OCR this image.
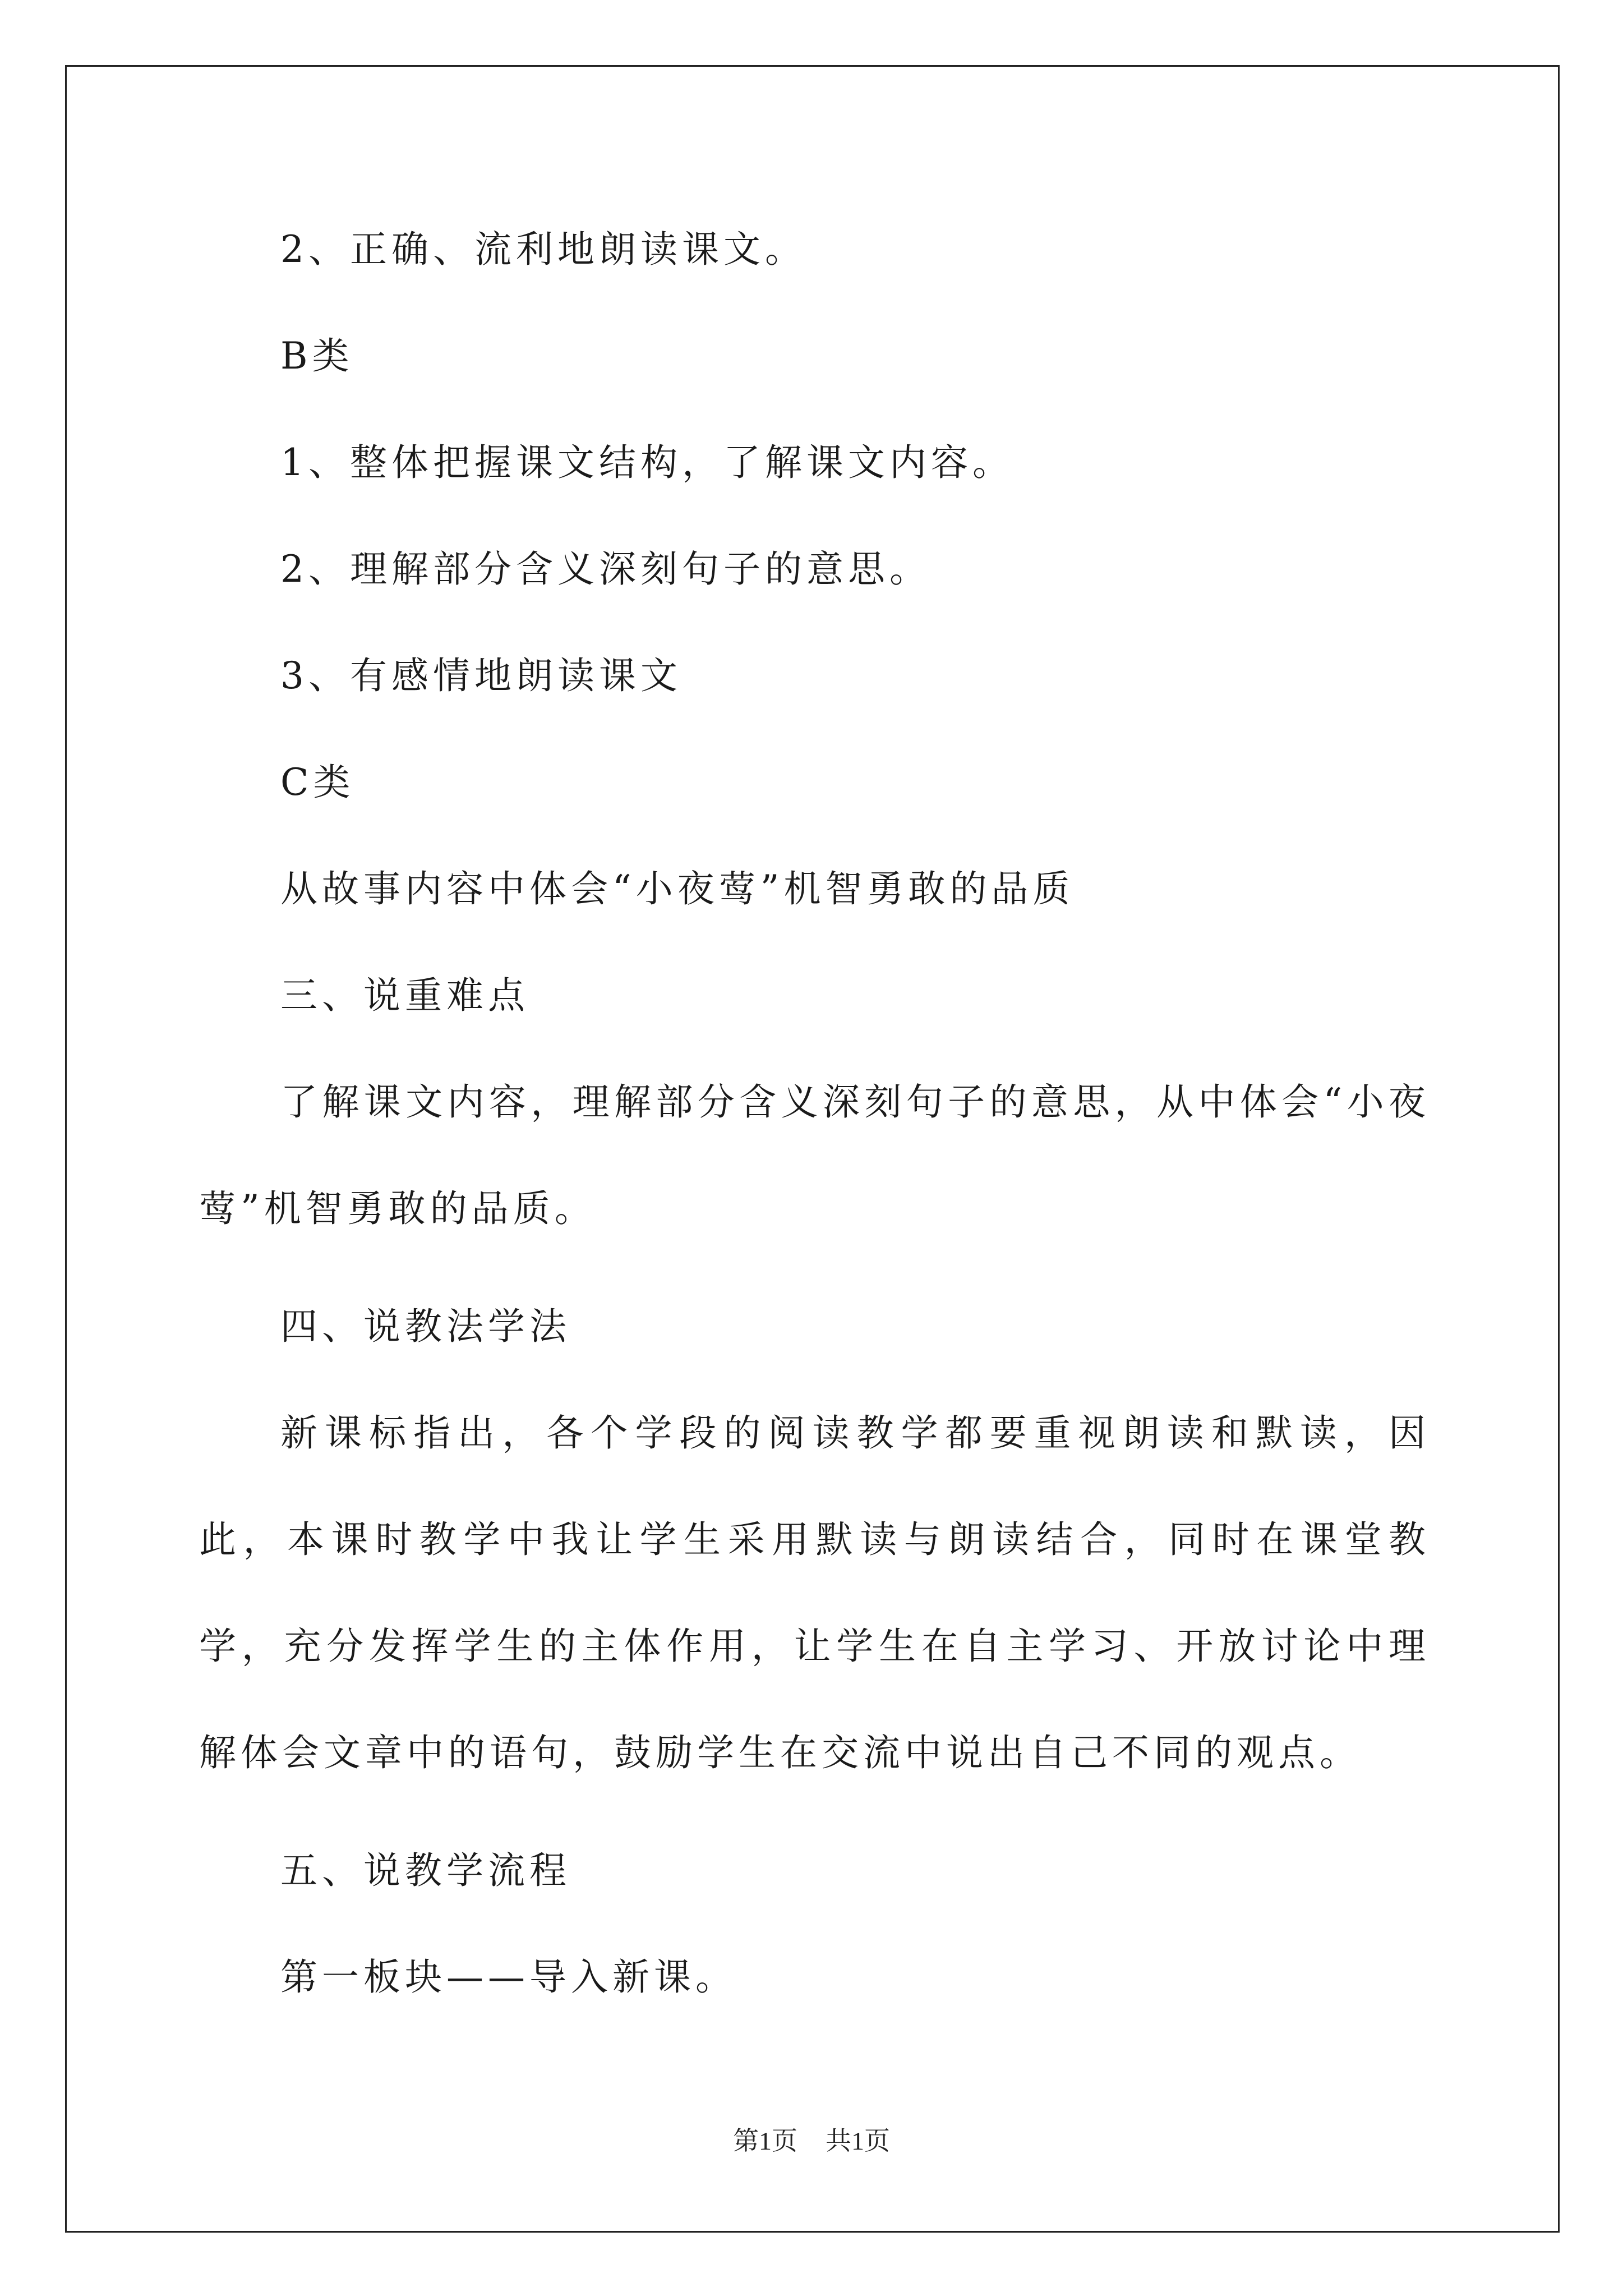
2、正确、流利地朗读课文。

B类

1、整体把握课文结构，了解课文内容。

2、理解部分含义深刻句子的意思。

3、有感情地朗读课文

C类

从故事内容中体会“小夜莺”机智勇敢的品质

三、说重难点

了解课文内容，理解部分含义深刻句子的意思，从中体会“小夜莺”机智勇敢的品质。

四、说教法学法

新课标指出，各个学段的阅读教学都要重视朗读和默读，因此，本课时教学中我让学生采用默读与朗读结合，同时在课堂教学，充分发挥学生的主体作用，让学生在自主学习、开放讨论中理解体会文章中的语句，鼓励学生在交流中说出自己不同的观点。

五、说教学流程

第一板块——导入新课。

第1页 共1页
